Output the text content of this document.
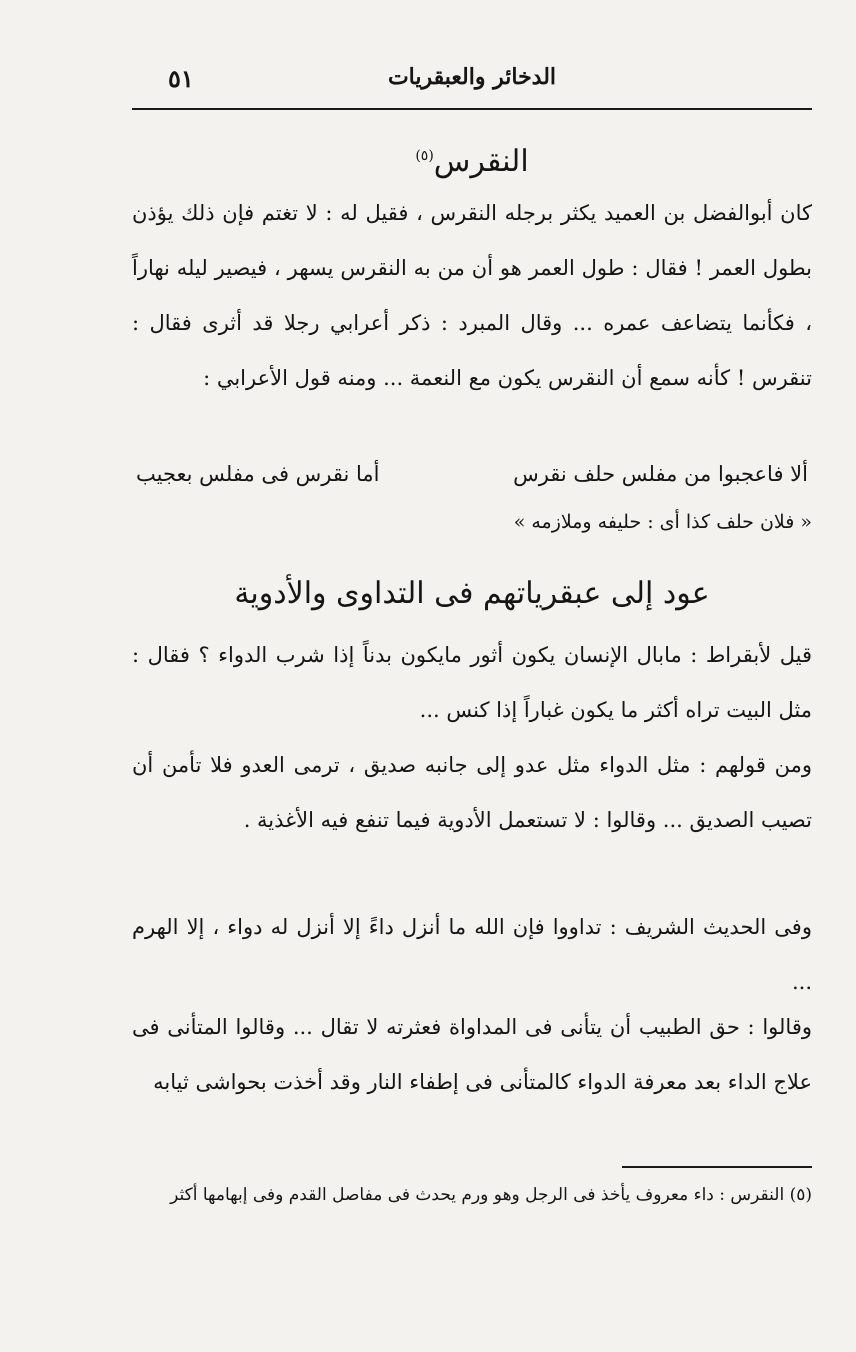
الدخائر والعبقريات
٥١
النقرس$^{(٥)}$

كان أبوالفضل بن العميد يكثر برجله النقرس ، فقيل له : لا تغتم فإن ذلك يؤذن بطول العمر ! فقال : طول العمر هو أن من به النقرس يسهر ، فيصير ليله نهاراً ، فكأنما يتضاعف عمره ... وقال المبرد : ذكر أعرابي رجلا قد أثرى فقال : تنقرس ! كأنه سمع أن النقرس يكون مع النعمة ... ومنه قول الأعرابي :

ألا فاعجبوا من مفلس حلف نقرس
أما نقرس فى مفلس بعجيب
« فلان حلف كذا أى : حليفه وملازمه »
عود إلى عبقرياتهم فى التداوى والأدوية

قيل لأبقراط : مابال الإنسان يكون أثور مايكون بدناً إذا شرب الدواء ؟ فقال : مثل البيت تراه أكثر ما يكون غباراً إذا كنس ...

ومن قولهم : مثل الدواء مثل عدو إلى جانبه صديق ، ترمى العدو فلا تأمن أن تصيب الصديق ... وقالوا : لا تستعمل الأدوية فيما تنفع فيه الأغذية .

وفى الحديث الشريف : تداووا فإن الله ما أنزل داءً إلا أنزل له دواء ، إلا الهرم ...

وقالوا : حق الطبيب أن يتأنى فى المداواة فعثرته لا تقال ... وقالوا المتأنى فى علاج الداء بعد معرفة الدواء كالمتأنى فى إطفاء النار وقد أخذت بحواشى ثيابه

(٥) النقرس : داء معروف يأخذ فى الرجل وهو ورم يحدث فى مفاصل القدم وفى إبهامها أكثر
